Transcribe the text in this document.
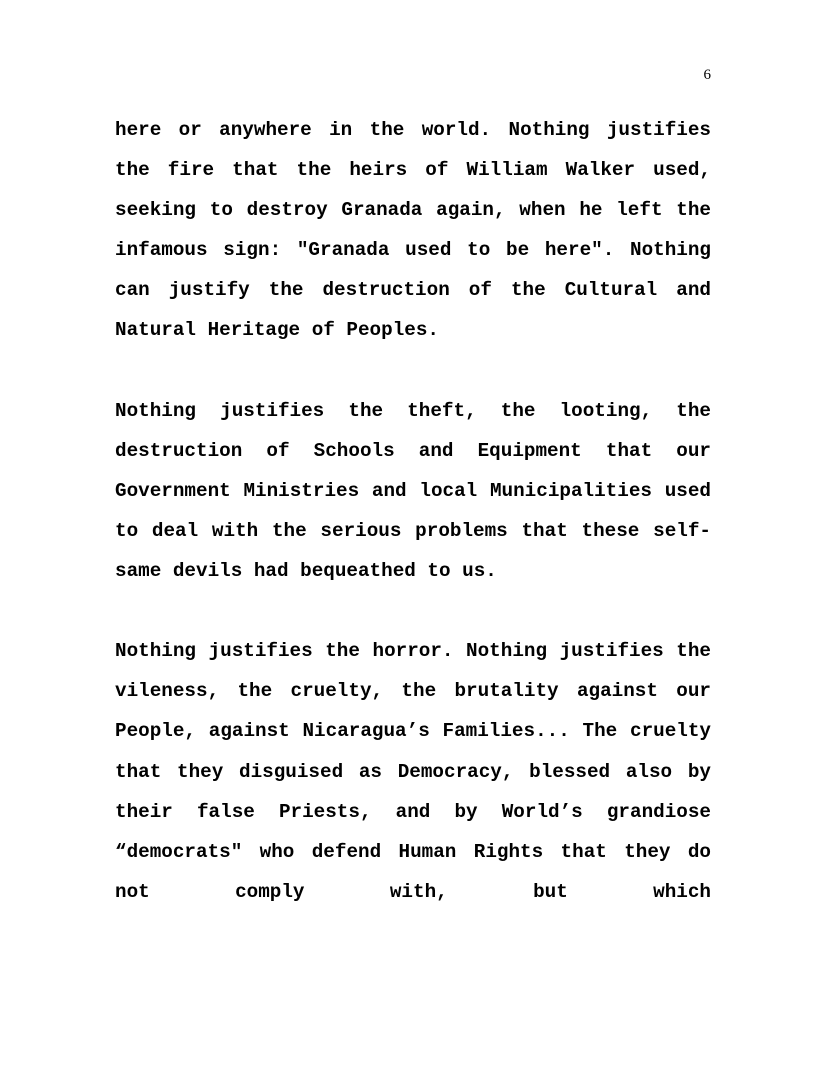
6

here or anywhere in the world. Nothing justifies the fire that the heirs of William Walker used, seeking to destroy Granada again, when he left the infamous sign: "Granada used to be here". Nothing can justify the destruction of the Cultural and Natural Heritage of Peoples.

Nothing justifies the theft, the looting, the destruction of Schools and Equipment that our Government Ministries and local Municipalities used to deal with the serious problems that these self-same devils had bequeathed to us.

Nothing justifies the horror. Nothing justifies the vileness, the cruelty, the brutality against our People, against Nicaragua’s Families... The cruelty that they disguised as Democracy, blessed also by their false Priests, and by World’s grandiose “democrats" who defend Human Rights that they do not comply with, but which
